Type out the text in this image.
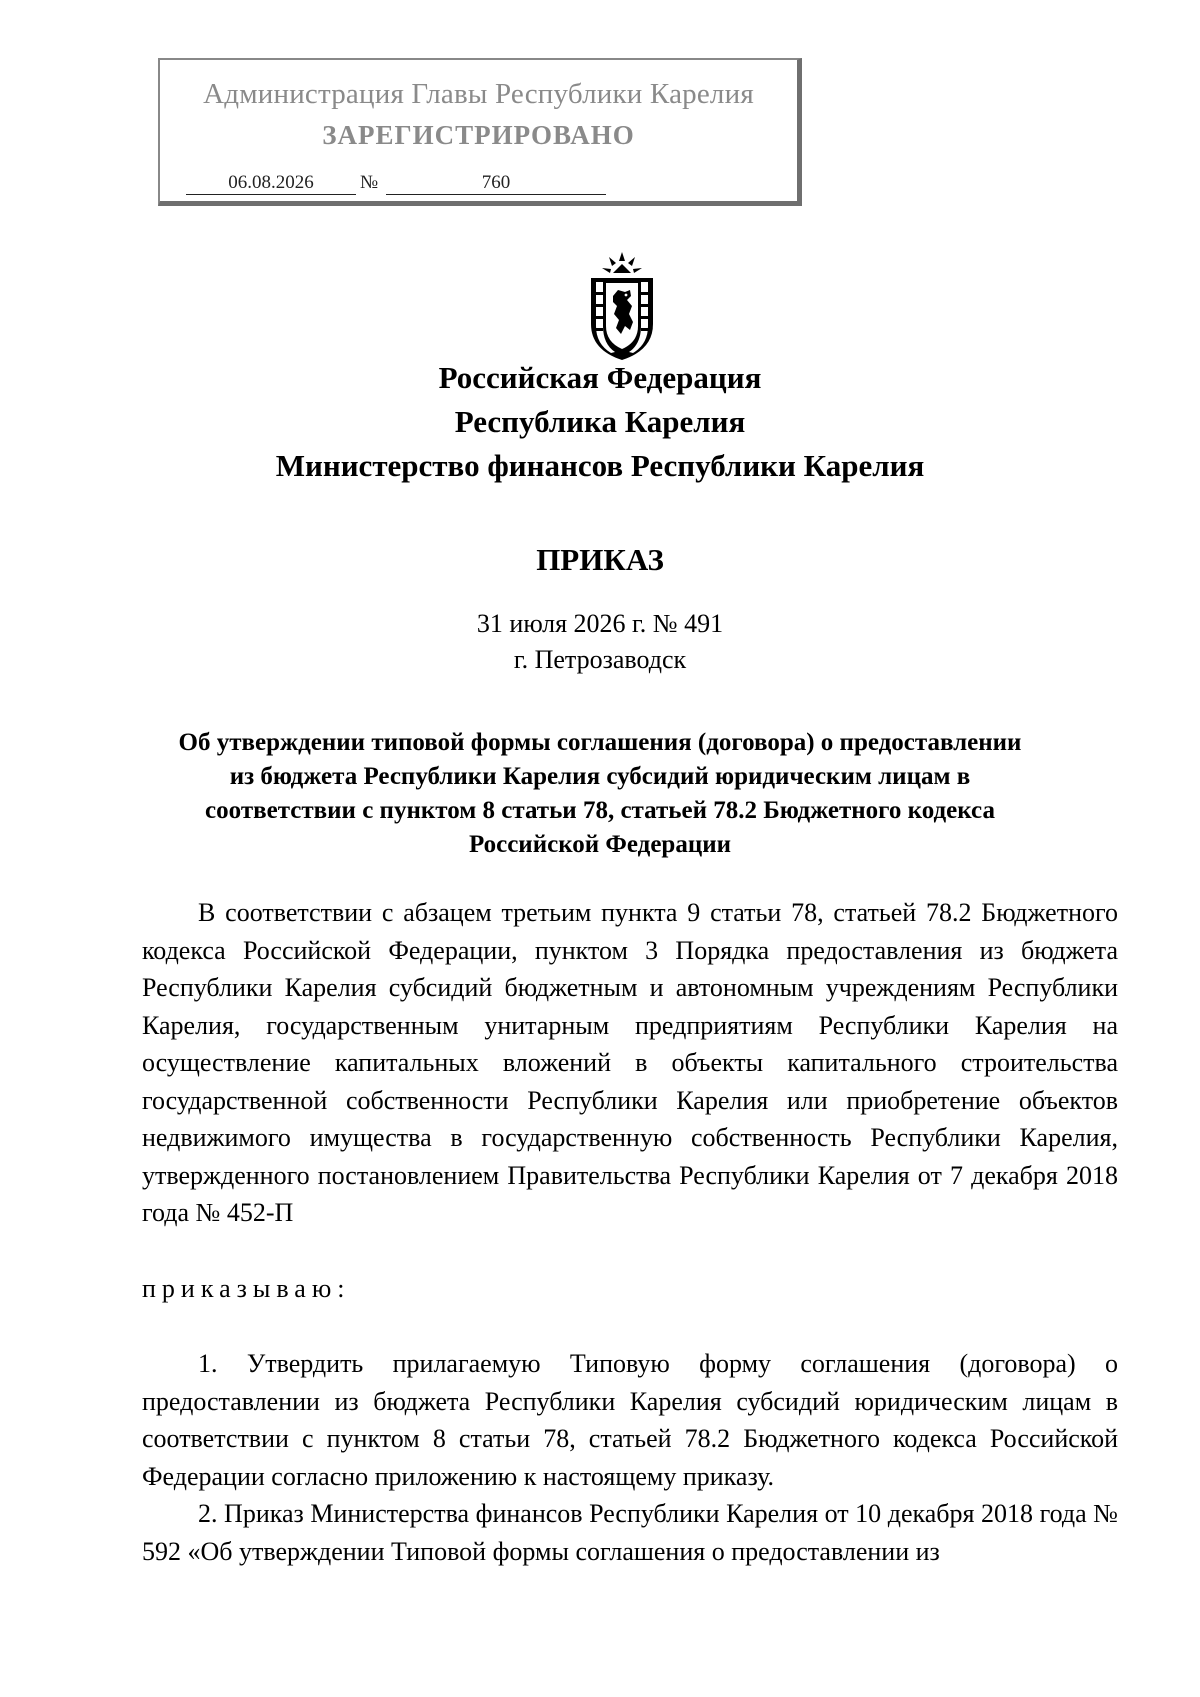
Администрация Главы Республики Карелия
ЗАРЕГИСТРИРОВАНО
06.08.2026	№	760
Российская Федерация
Республика Карелия
Министерство финансов Республики Карелия
ПРИКАЗ
31 июля 2026 г. № 491
г. Петрозаводск
Об утверждении типовой формы соглашения (договора) о предоставлении
из бюджета Республики Карелия субсидий юридическим лицам в
соответствии с пунктом 8 статьи 78, статьей 78.2 Бюджетного кодекса
Российской Федерации

В соответствии с абзацем третьим пункта 9 статьи 78, статьей 78.2 Бюджетного кодекса Российской Федерации, пунктом 3 Порядка предоставления из бюджета Республики Карелия субсидий бюджетным и автономным учреждениям Республики Карелия, государственным унитарным предприятиям Республики Карелия на осуществление капитальных вложений в объекты капитального строительства государственной собственности Республики Карелия или приобретение объектов недвижимого имущества в государственную собственность Республики Карелия, утвержденного постановлением Правительства Республики Карелия от 7 декабря 2018 года № 452-П

приказываю:

1. Утвердить прилагаемую Типовую форму соглашения (договора) о предоставлении из бюджета Республики Карелия субсидий юридическим лицам в соответствии с пунктом 8 статьи 78, статьей 78.2 Бюджетного кодекса Российской Федерации согласно приложению к настоящему приказу.

2. Приказ Министерства финансов Республики Карелия от 10 декабря 2018 года № 592 «Об утверждении Типовой формы соглашения о предоставлении из
